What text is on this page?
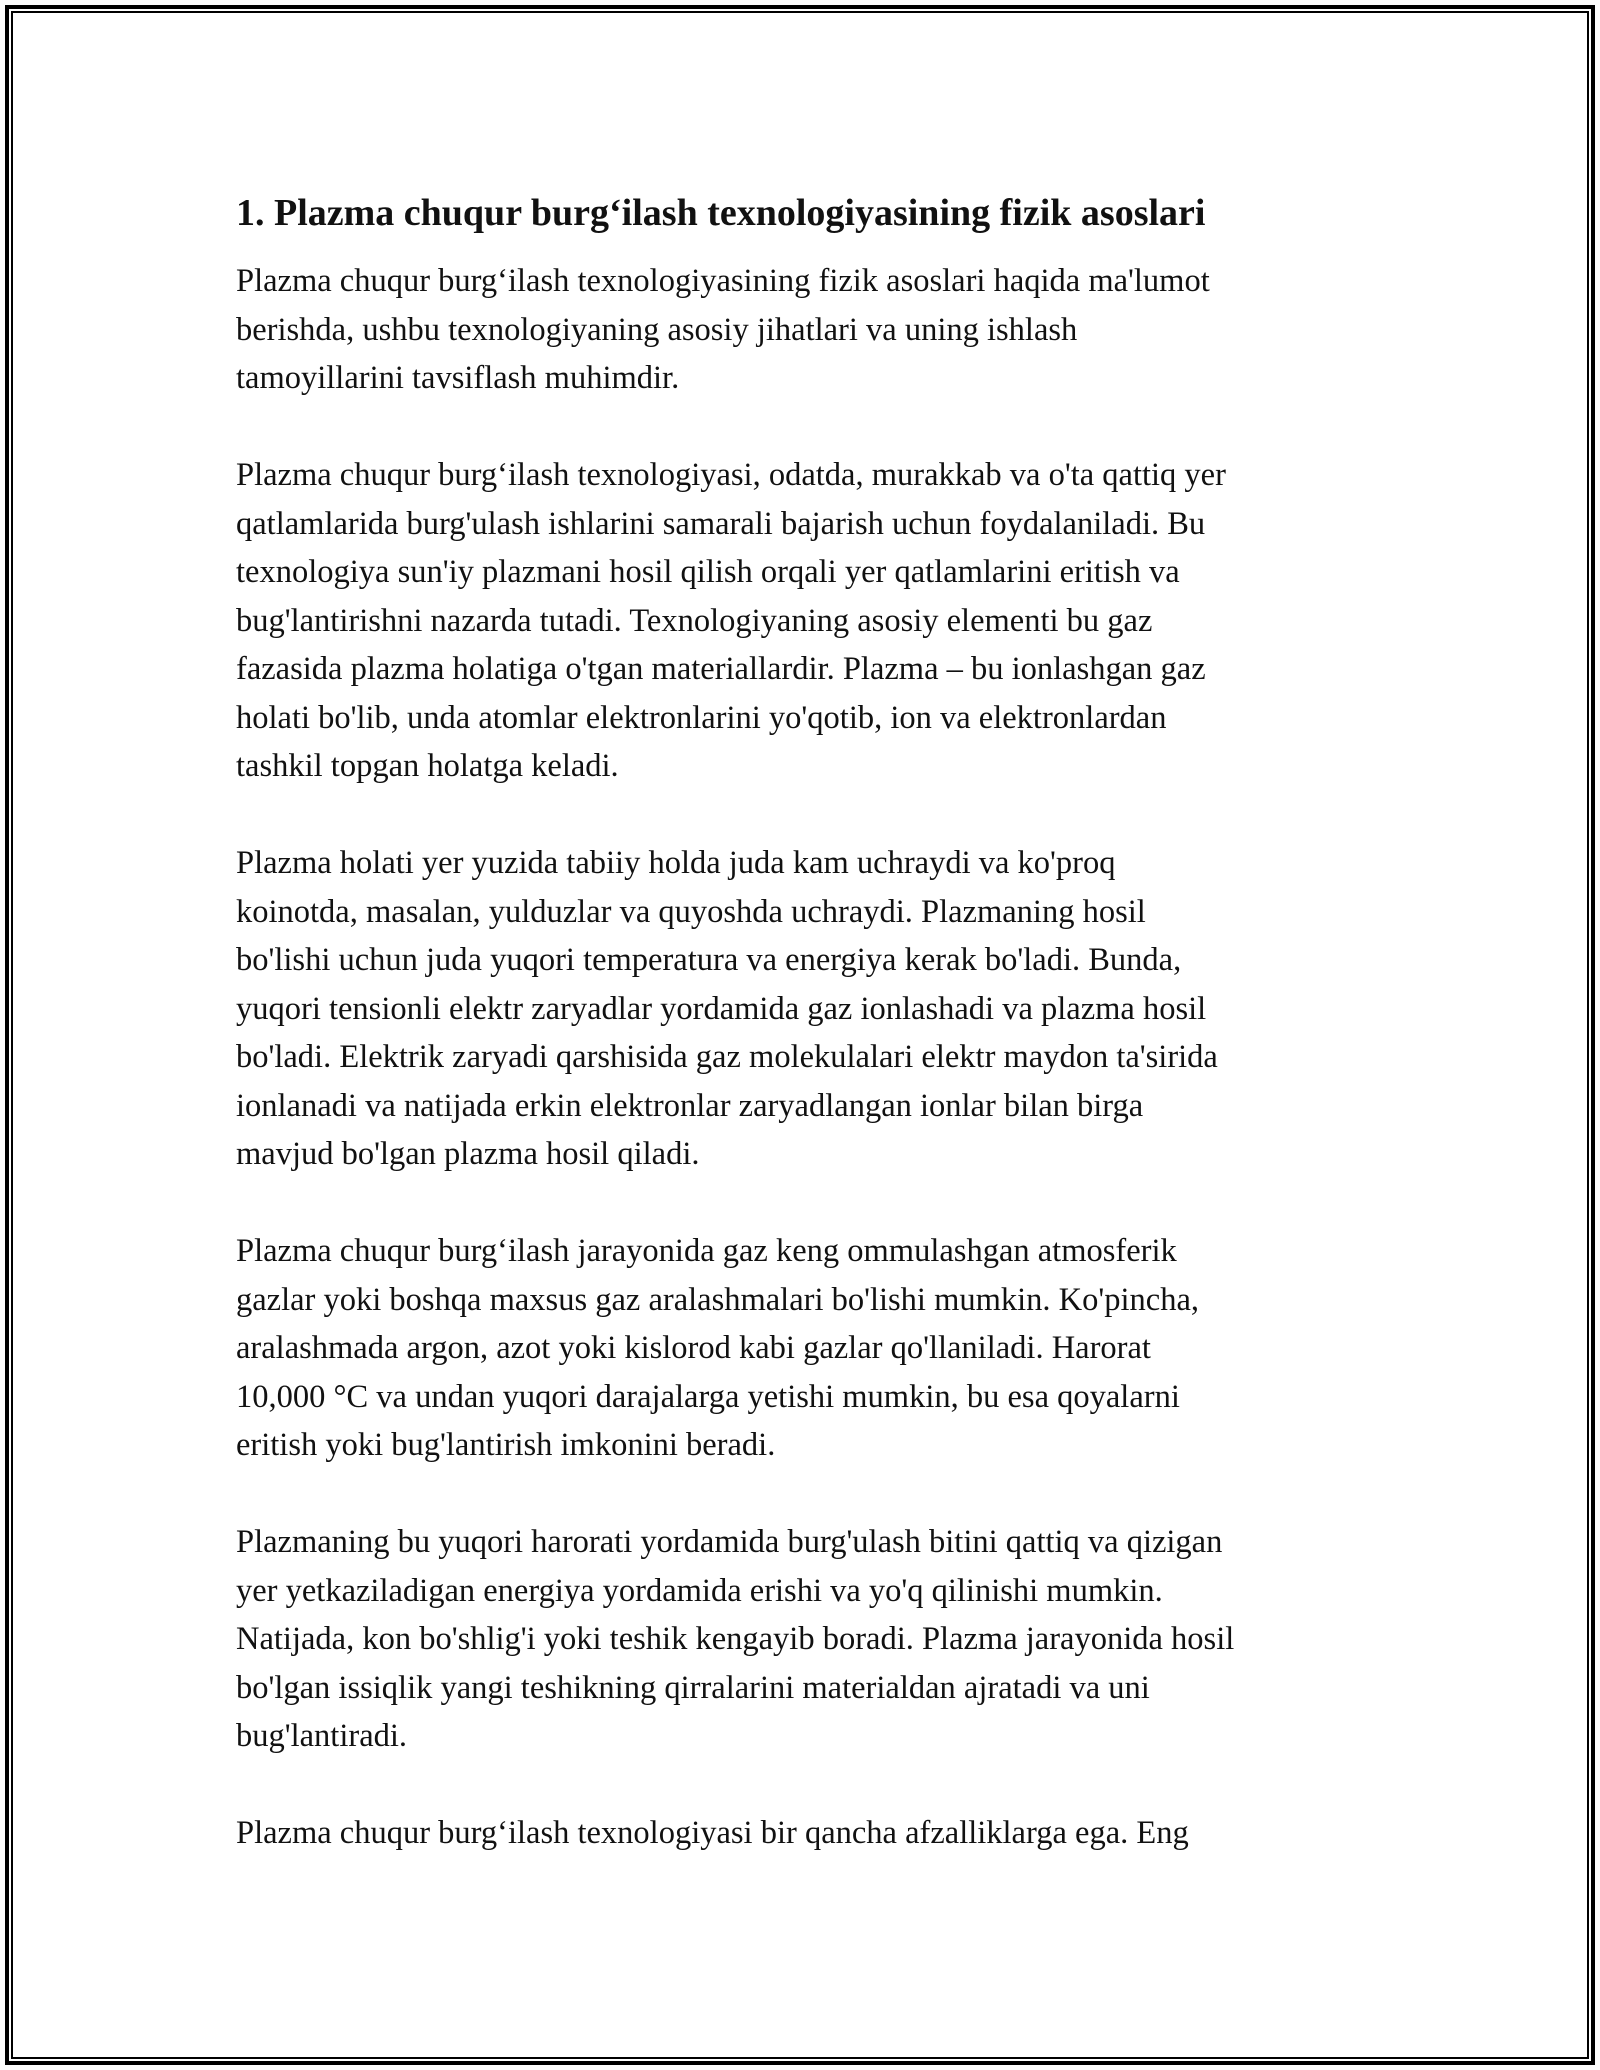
1. Plazma chuqur burg‘ilash texnologiyasining fizik asoslari
Plazma chuqur burg‘ilash texnologiyasining fizik asoslari haqida ma'lumot
berishda, ushbu texnologiyaning asosiy jihatlari va uning ishlash
tamoyillarini tavsiflash muhimdir.
Plazma chuqur burg‘ilash texnologiyasi, odatda, murakkab va o'ta qattiq yer
qatlamlarida burg'ulash ishlarini samarali bajarish uchun foydalaniladi. Bu
texnologiya sun'iy plazmani hosil qilish orqali yer qatlamlarini eritish va
bug'lantirishni nazarda tutadi. Texnologiyaning asosiy elementi bu gaz
fazasida plazma holatiga o'tgan materiallardir. Plazma – bu ionlashgan gaz
holati bo'lib, unda atomlar elektronlarini yo'qotib, ion va elektronlardan
tashkil topgan holatga keladi.
Plazma holati yer yuzida tabiiy holda juda kam uchraydi va ko'proq
koinotda, masalan, yulduzlar va quyoshda uchraydi. Plazmaning hosil
bo'lishi uchun juda yuqori temperatura va energiya kerak bo'ladi. Bunda,
yuqori tensionli elektr zaryadlar yordamida gaz ionlashadi va plazma hosil
bo'ladi. Elektrik zaryadi qarshisida gaz molekulalari elektr maydon ta'sirida
ionlanadi va natijada erkin elektronlar zaryadlangan ionlar bilan birga
mavjud bo'lgan plazma hosil qiladi.
Plazma chuqur burg‘ilash jarayonida gaz keng ommulashgan atmosferik
gazlar yoki boshqa maxsus gaz aralashmalari bo'lishi mumkin. Ko'pincha,
aralashmada argon, azot yoki kislorod kabi gazlar qo'llaniladi. Harorat
10,000 °C va undan yuqori darajalarga yetishi mumkin, bu esa qoyalarni
eritish yoki bug'lantirish imkonini beradi.
Plazmaning bu yuqori harorati yordamida burg'ulash bitini qattiq va qizigan
yer yetkaziladigan energiya yordamida erishi va yo'q qilinishi mumkin.
Natijada, kon bo'shlig'i yoki teshik kengayib boradi. Plazma jarayonida hosil
bo'lgan issiqlik yangi teshikning qirralarini materialdan ajratadi va uni
bug'lantiradi.
Plazma chuqur burg‘ilash texnologiyasi bir qancha afzalliklarga ega. Eng
